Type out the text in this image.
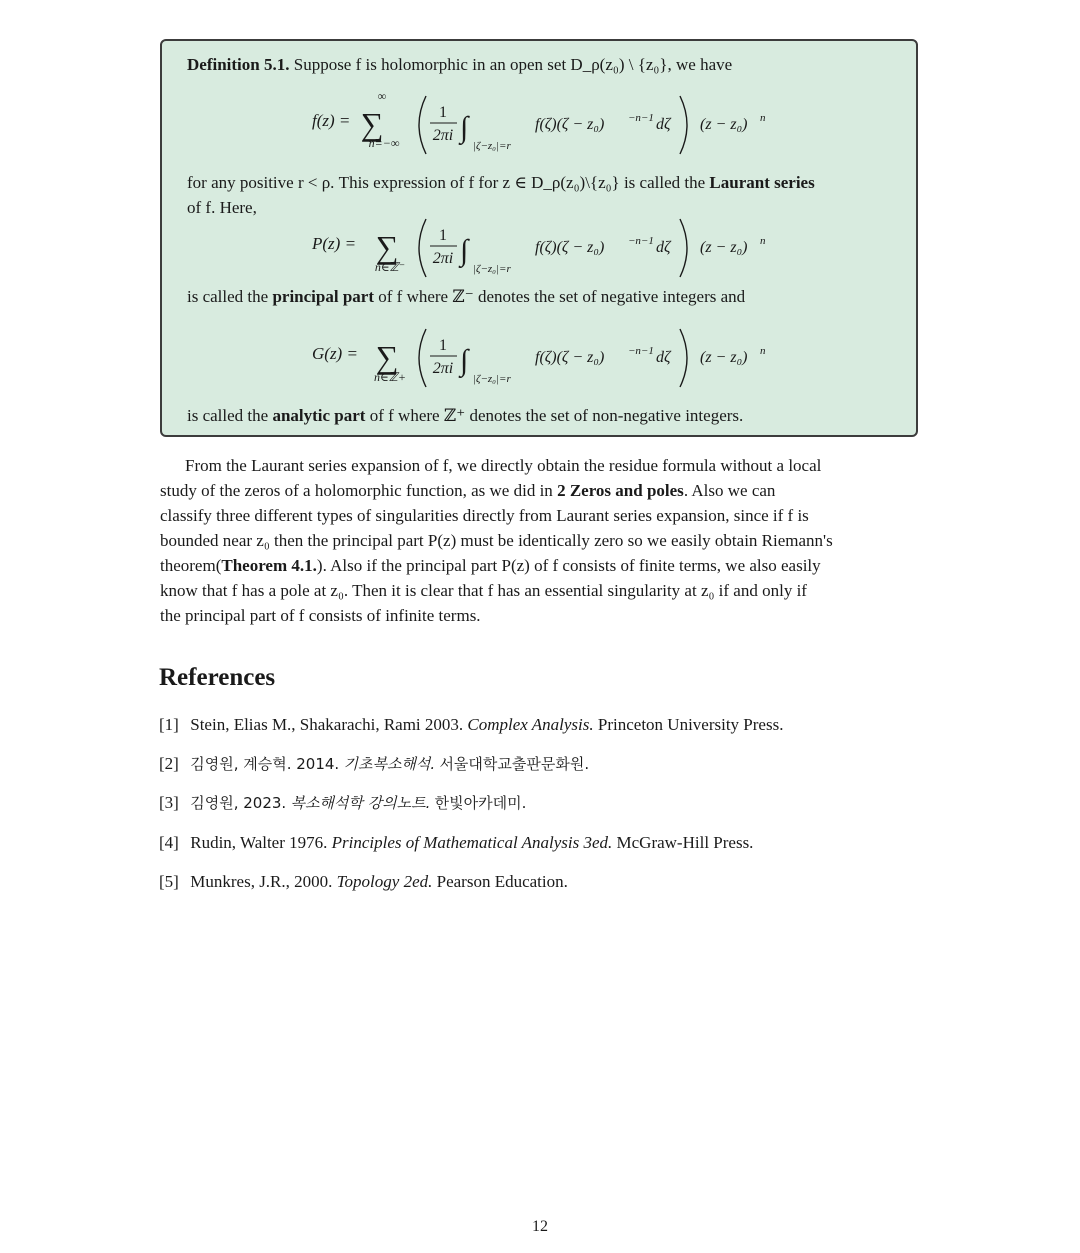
Definition 5.1. Suppose f is holomorphic in an open set D_ρ(z₀) \ {z₀}, we have
f(z) =
∞
∑
n=−∞
1
2πi ∫
|ζ−z₀|=r
f(ζ)(ζ − z₀) −n−1 dζ (z − z₀) n
for any positive r < ρ. This expression of f for z ∈ D_ρ(z₀)\{z₀} is called the Laurant series
of f. Here,
P(z) = ∑
n∈ℤ⁻
1
2πi ∫
|ζ−z₀|=r
f(ζ)(ζ − z₀) −n−1 dζ (z − z₀) n
is called the principal part of f where ℤ⁻ denotes the set of negative integers and
G(z) = ∑
n∈ℤ+
1
2πi ∫
|ζ−z₀|=r
f(ζ)(ζ − z₀) −n−1 dζ (z − z₀) n
is called the analytic part of f where ℤ⁺ denotes the set of non-negative integers.
From the Laurant series expansion of f, we directly obtain the residue formula without a local
study of the zeros of a holomorphic function, as we did in 2 Zeros and poles. Also we can
classify three different types of singularities directly from Laurant series expansion, since if f is
bounded near z₀ then the principal part P(z) must be identically zero so we easily obtain Riemann's
theorem(Theorem 4.1.). Also if the principal part P(z) of f consists of finite terms, we also easily
know that f has a pole at z₀. Then it is clear that f has an essential singularity at z₀ if and only if
the principal part of f consists of infinite terms.
References
[1] Stein, Elias M., Shakarachi, Rami 2003. Complex Analysis. Princeton University Press.
[2] 김영원, 계승혁. 2014. 기초복소해석. 서울대학교출판문화원.
[3] 김영원, 2023. 복소해석학 강의노트. 한빛아카데미.
[4] Rudin, Walter 1976. Principles of Mathematical Analysis 3ed. McGraw-Hill Press.
[5] Munkres, J.R., 2000. Topology 2ed. Pearson Education.
12
